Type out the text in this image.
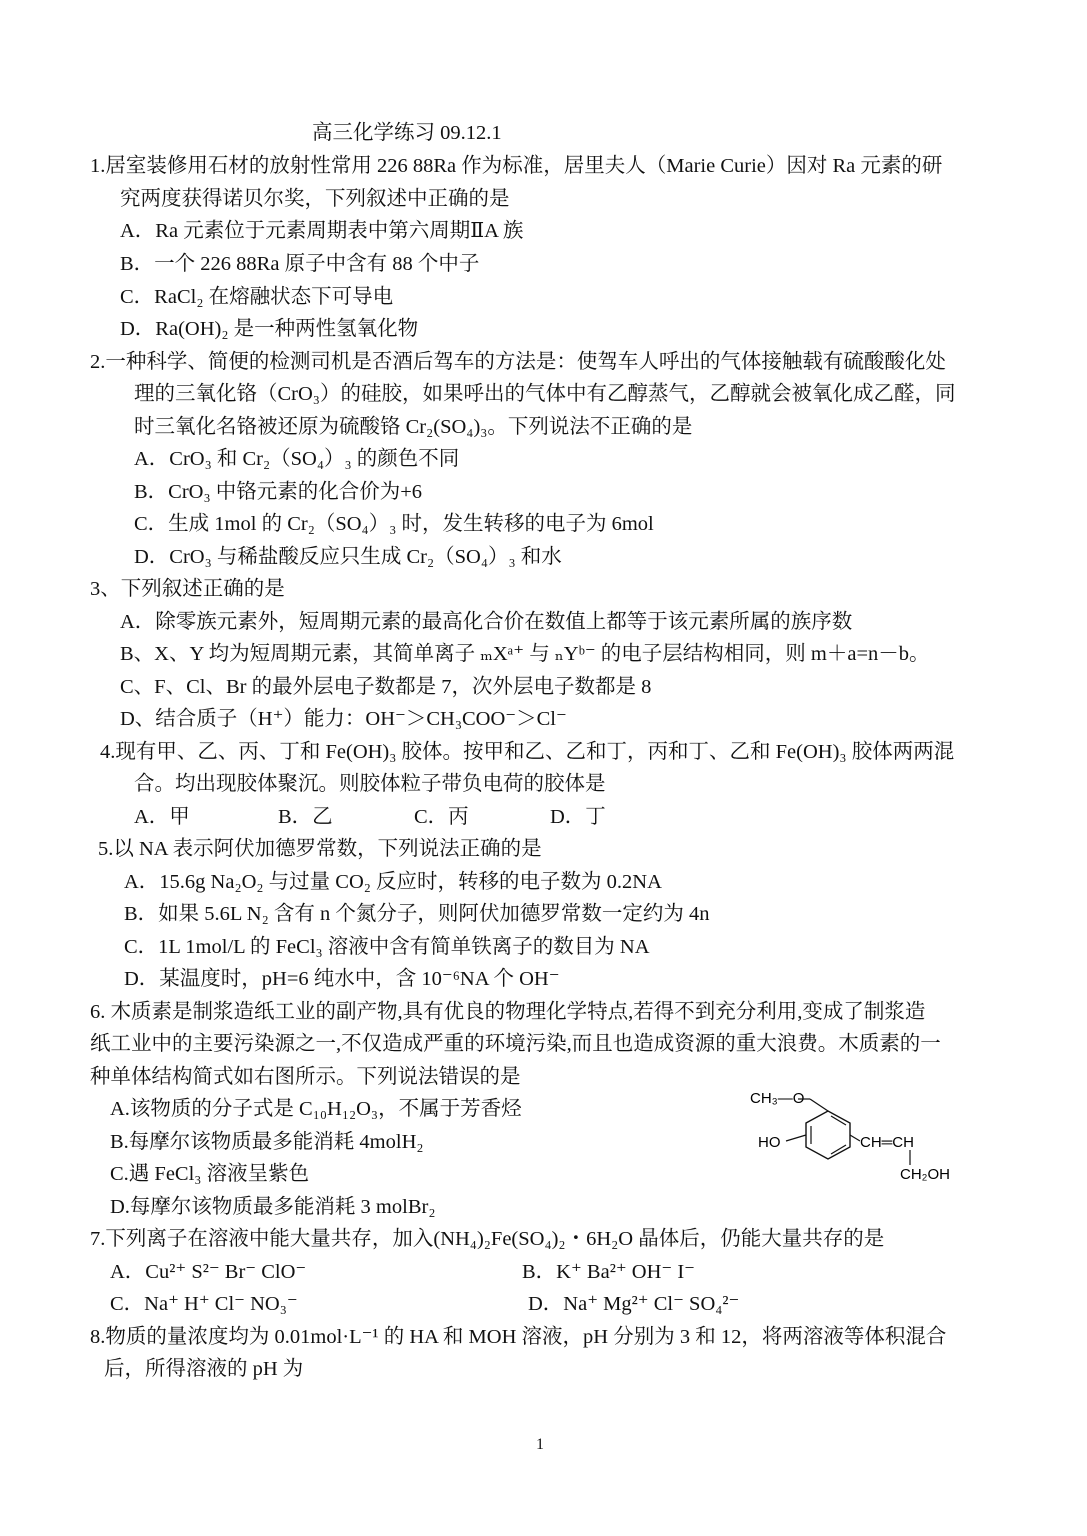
高三化学练习 09.12.1
1.居室装修用石材的放射性常用 226 88Ra 作为标准，居里夫人（Marie Curie）因对 Ra 元素的研
究两度获得诺贝尔奖，下列叙述中正确的是
A．Ra 元素位于元素周期表中第六周期ⅡA 族
B．一个 226 88Ra 原子中含有 88 个中子
C．RaCl₂ 在熔融状态下可导电
D．Ra(OH)₂ 是一种两性氢氧化物
2.一种科学、简便的检测司机是否酒后驾车的方法是：使驾车人呼出的气体接触载有硫酸酸化处
理的三氧化铬（CrO₃）的硅胶，如果呼出的气体中有乙醇蒸气，乙醇就会被氧化成乙醛，同
时三氧化名铬被还原为硫酸铬 Cr₂(SO₄)₃。下列说法不正确的是
A．CrO₃ 和 Cr₂（SO₄）₃ 的颜色不同
B．CrO₃ 中铬元素的化合价为+6
C．生成 1mol 的 Cr₂（SO₄）₃ 时，发生转移的电子为 6mol
D．CrO₃ 与稀盐酸反应只生成 Cr₂（SO₄）₃ 和水
3、下列叙述正确的是
A．除零族元素外，短周期元素的最高化合价在数值上都等于该元素所属的族序数
B、X、Y 均为短周期元素，其简单离子 ₘXᵃ⁺ 与 ₙYᵇ⁻ 的电子层结构相同，则 m＋a=n－b。
C、F、Cl、Br 的最外层电子数都是 7，次外层电子数都是 8
D、结合质子（H⁺）能力：OH⁻＞CH₃COO⁻＞Cl⁻
4.现有甲、乙、丙、丁和 Fe(OH)₃ 胶体。按甲和乙、乙和丁，丙和丁、乙和 Fe(OH)₃ 胶体两两混
合。均出现胶体聚沉。则胶体粒子带负电荷的胶体是
A．甲	B．乙	C．丙	D．丁
5.以 NA 表示阿伏加德罗常数，下列说法正确的是
A．15.6g Na₂O₂ 与过量 CO₂ 反应时，转移的电子数为 0.2NA
B．如果 5.6L N₂ 含有 n 个氮分子，则阿伏加德罗常数一定约为 4n
C．1L 1mol/L 的 FeCl₃ 溶液中含有简单铁离子的数目为 NA
D．某温度时，pH=6 纯水中，含 10⁻⁶NA 个 OH⁻
6. 木质素是制浆造纸工业的副产物,具有优良的物理化学特点,若得不到充分利用,变成了制浆造
纸工业中的主要污染源之一,不仅造成严重的环境污染,而且也造成资源的重大浪费。木质素的一
种单体结构简式如右图所示。下列说法错误的是
A.该物质的分子式是 C₁₀H₁₂O₃，不属于芳香烃
B.每摩尔该物质最多能消耗 4molH₂
C.遇 FeCl₃ 溶液呈紫色
D.每摩尔该物质最多能消耗 3 molBr₂
CH₃—O
HO	CH═CH
CH₂OH
7.下列离子在溶液中能大量共存，加入(NH₄)₂Fe(SO₄)₂・6H₂O 晶体后，仍能大量共存的是
A．Cu²⁺ S²⁻ Br⁻ ClO⁻	B．K⁺ Ba²⁺ OH⁻ I⁻
C．Na⁺ H⁺ Cl⁻ NO₃⁻	D．Na⁺ Mg²⁺ Cl⁻ SO₄²⁻
8.物质的量浓度均为 0.01mol·L⁻¹ 的 HA 和 MOH 溶液，pH 分别为 3 和 12，将两溶液等体积混合
后，所得溶液的 pH 为
1
